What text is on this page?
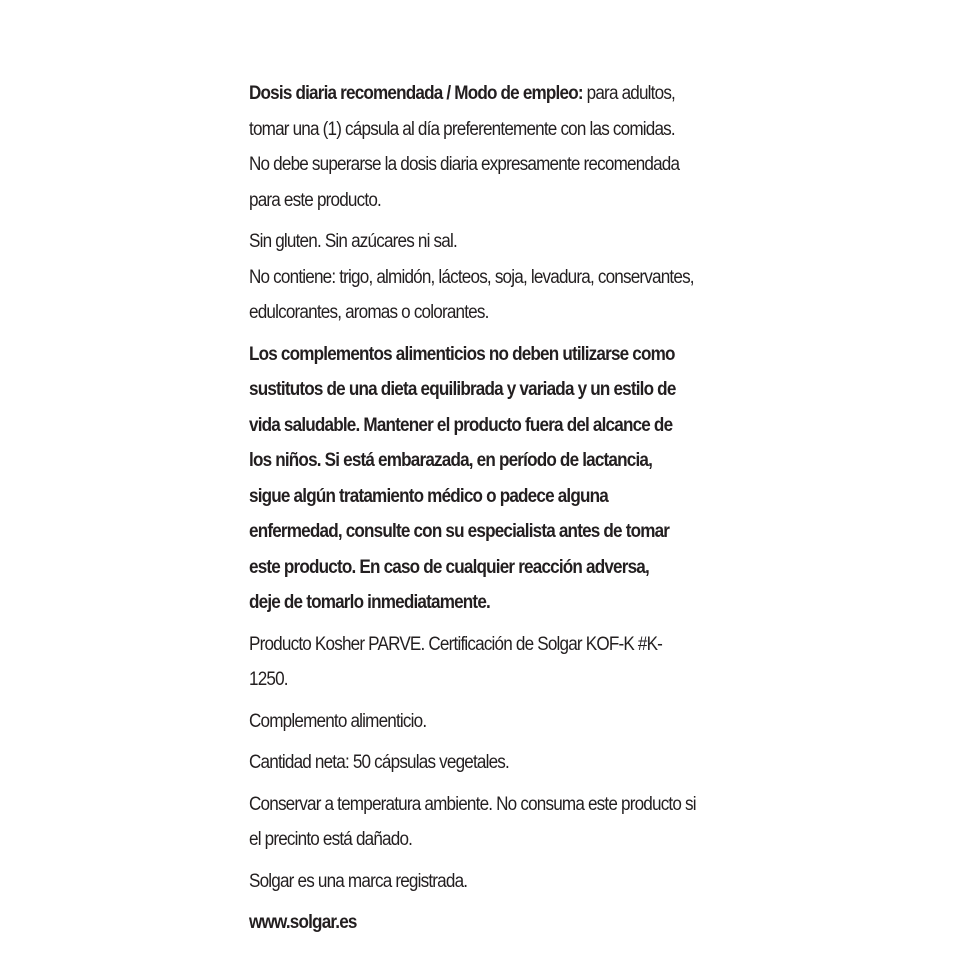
Dosis diaria recomendada / Modo de empleo: para adultos,
tomar una (1) cápsula al día preferentemente con las comidas.
No debe superarse la dosis diaria expresamente recomendada
para este producto.
Sin gluten. Sin azúcares ni sal.
No contiene: trigo, almidón, lácteos, soja, levadura, conservantes,
edulcorantes, aromas o colorantes.
Los complementos alimenticios no deben utilizarse como
sustitutos de una dieta equilibrada y variada y un estilo de
vida saludable. Mantener el producto fuera del alcance de
los niños. Si está embarazada, en período de lactancia,
sigue algún tratamiento médico o padece alguna
enfermedad, consulte con su especialista antes de tomar
este producto. En caso de cualquier reacción adversa,
deje de tomarlo inmediatamente.
Producto Kosher PARVE. Certificación de Solgar KOF-K #K-1250.
Complemento alimenticio.
Cantidad neta: 50 cápsulas vegetales.
Conservar a temperatura ambiente. No consuma este producto si
el precinto está dañado.
Solgar es una marca registrada.
www.solgar.es
